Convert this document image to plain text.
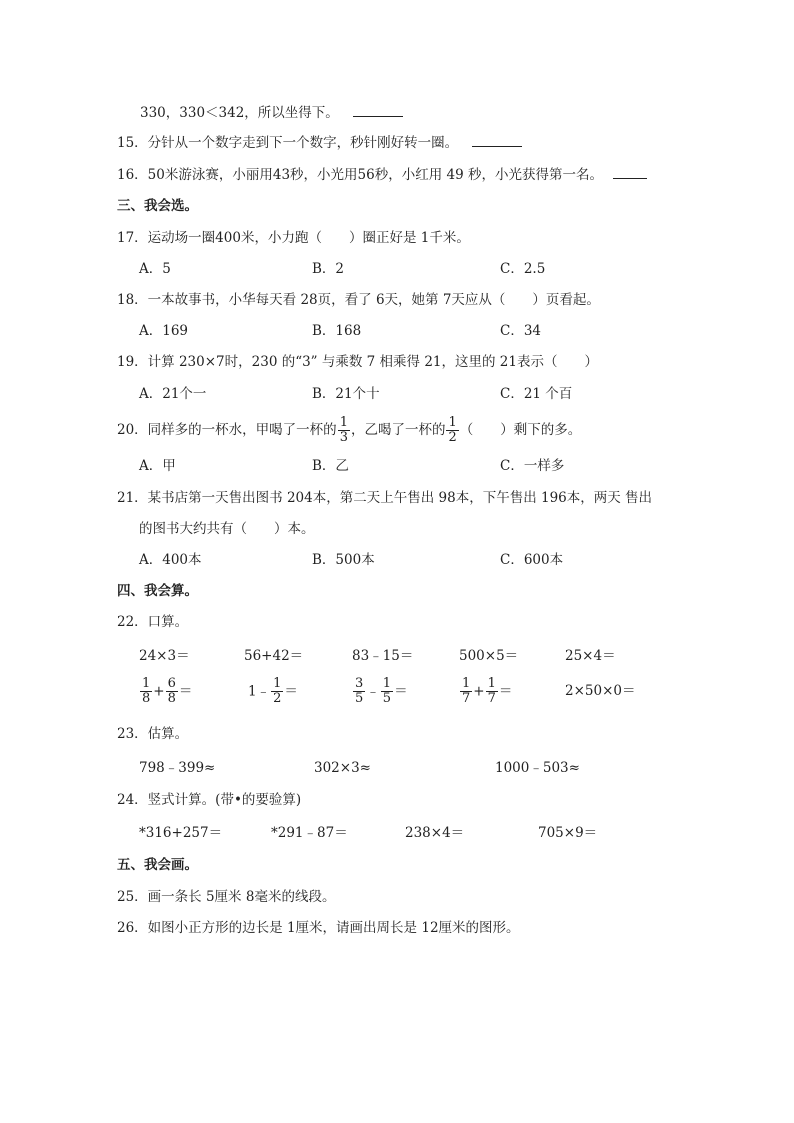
330，330＜342，所以坐得下。
15．分针从一个数字走到下一个数字，秒针刚好转一圈。
16．50米游泳赛，小丽用43秒，小光用56秒，小红用 49 秒，小光获得第一名。
三、我会选。
17．运动场一圈400米，小力跑（　　）圈正好是 1千米。
A．5	B．2	C．2.5
18．一本故事书，小华每天看 28页，看了 6天，她第 7天应从（　　）页看起。
A．169	B．168	C．34
19．计算 230×7时，230 的“3” 与乘数 7 相乘得 21，这里的 21表示（　　）
A．21个一	B．21个十	C．21 个百
20．同样多的一杯水，甲喝了一杯的 $\frac{1}{3}$ ，乙喝了一杯的 $\frac{1}{2}$ （　　）剩下的多。
A．甲	B．乙	C．一样多
21．某书店第一天售出图书 204本，第二天上午售出 98本，下午售出 196本，两天 售出
的图书大约共有（　　）本。
A．400本	B．500本	C．600本
四、我会算。
22．口算。
24×3＝	56+42＝	83﹣15＝	500×5＝	25×4＝
$\frac{1}{8} + \frac{6}{8}$ ＝	1﹣ $\frac{1}{2}$ ＝	$\frac{3}{5}$ ﹣ $\frac{1}{5}$ ＝	$\frac{1}{7} + \frac{1}{7}$ ＝	2×50×0＝
23．估算。
798﹣399≈	302×3≈	1000﹣503≈
24．竖式计算。(带•的要验算)
*316+257＝	*291﹣87＝	238×4＝	705×9＝
五、我会画。
25．画一条长 5厘米 8毫米的线段。
26．如图小正方形的边长是 1厘米，请画出周长是 12厘米的图形。
